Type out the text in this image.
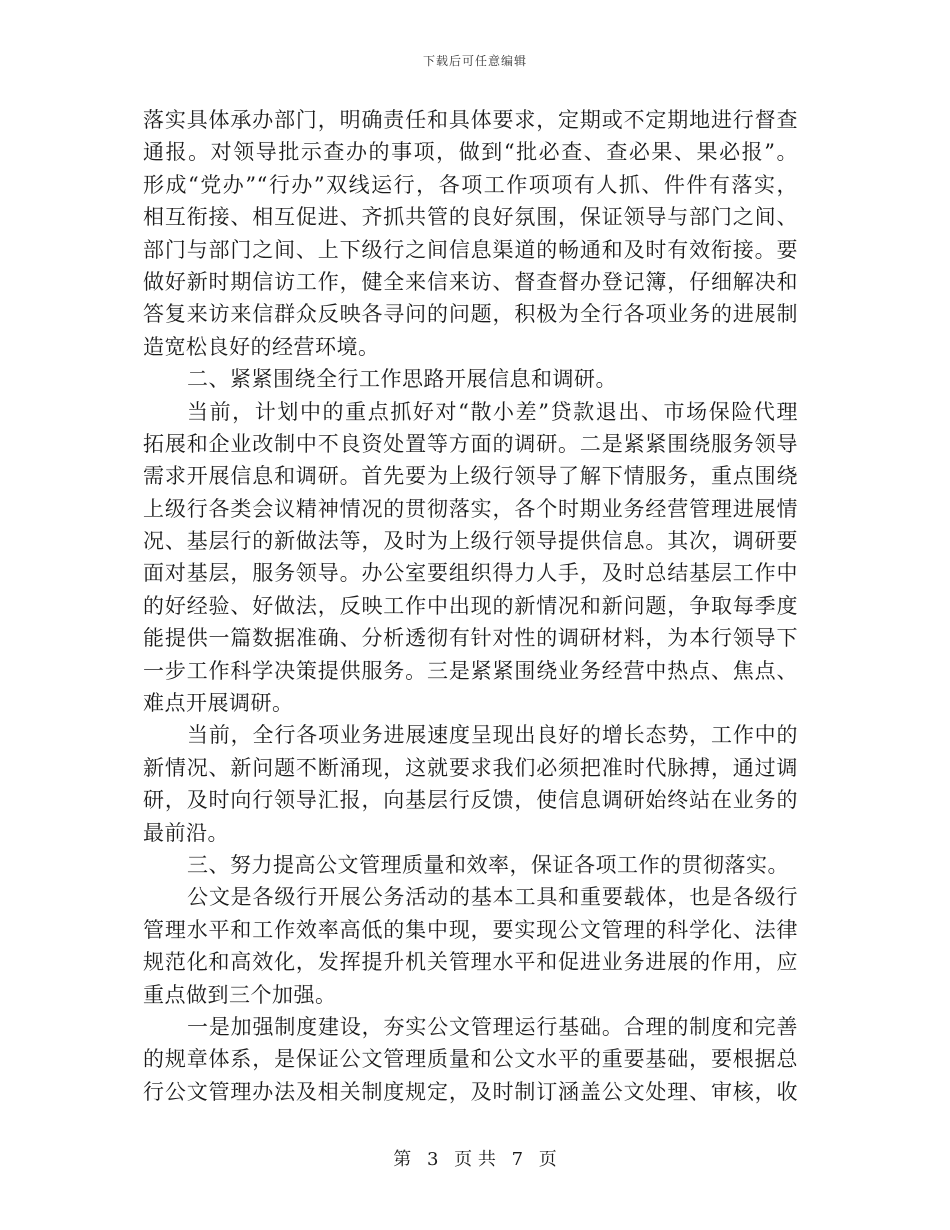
下载后可任意编辑
落实具体承办部门，明确责任和具体要求，定期或不定期地进行督查
通报。对领导批示查办的事项，做到“批必查、查必果、果必报”。
形成“党办”“行办”双线运行，各项工作项项有人抓、件件有落实，
相互衔接、相互促进、齐抓共管的良好氛围，保证领导与部门之间、
部门与部门之间、上下级行之间信息渠道的畅通和及时有效衔接。要
做好新时期信访工作，健全来信来访、督查督办登记簿，仔细解决和
答复来访来信群众反映各寻问的问题，积极为全行各项业务的进展制
造宽松良好的经营环境。
二、紧紧围绕全行工作思路开展信息和调研。
当前，计划中的重点抓好对“散小差”贷款退出、市场保险代理
拓展和企业改制中不良资处置等方面的调研。二是紧紧围绕服务领导
需求开展信息和调研。首先要为上级行领导了解下情服务，重点围绕
上级行各类会议精神情况的贯彻落实，各个时期业务经营管理进展情
况、基层行的新做法等，及时为上级行领导提供信息。其次，调研要
面对基层，服务领导。办公室要组织得力人手，及时总结基层工作中
的好经验、好做法，反映工作中出现的新情况和新问题，争取每季度
能提供一篇数据准确、分析透彻有针对性的调研材料，为本行领导下
一步工作科学决策提供服务。三是紧紧围绕业务经营中热点、焦点、
难点开展调研。
当前，全行各项业务进展速度呈现出良好的增长态势，工作中的
新情况、新问题不断涌现，这就要求我们必须把准时代脉搏，通过调
研，及时向行领导汇报，向基层行反馈，使信息调研始终站在业务的
最前沿。
三、努力提高公文管理质量和效率，保证各项工作的贯彻落实。
公文是各级行开展公务活动的基本工具和重要载体，也是各级行
管理水平和工作效率高低的集中现，要实现公文管理的科学化、法律
规范化和高效化，发挥提升机关管理水平和促进业务进展的作用，应
重点做到三个加强。
一是加强制度建设，夯实公文管理运行基础。合理的制度和完善
的规章体系，是保证公文管理质量和公文水平的重要基础，要根据总
行公文管理办法及相关制度规定，及时制订涵盖公文处理、审核，收
第 3 页 共 7 页
